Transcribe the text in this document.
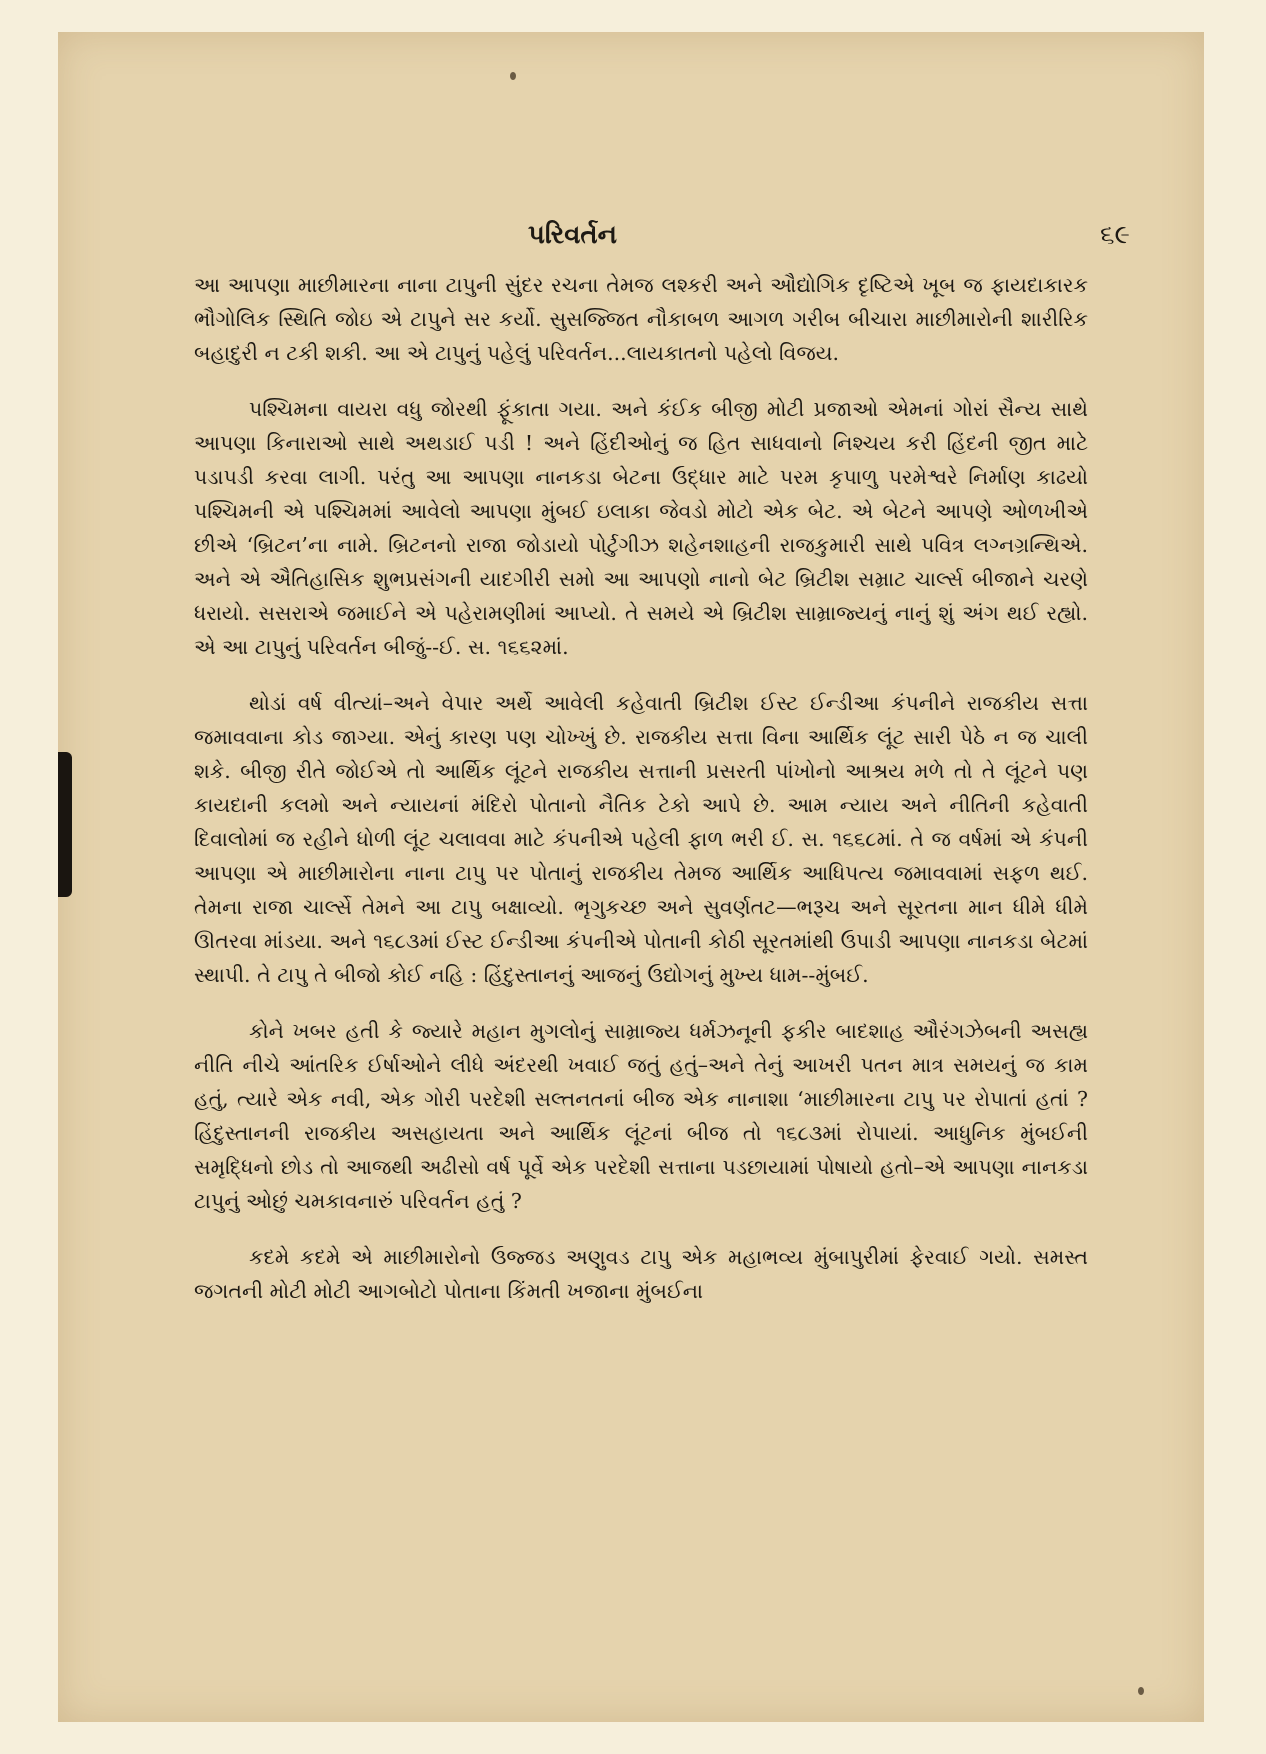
પરિવર્તન	૬૯

આ આપણા માછીમારના નાના ટાપુની સુંદર રચના તેમજ લશ્કરી અને ઔદ્યોગિક દૃષ્ટિએ ખૂબ જ ફાયદાકારક ભૌગોલિક સ્થિતિ જોઇ એ ટાપુને સર કર્યો. સુસજ્જિત નૌકાબળ આગળ ગરીબ બીચારા માછીમારોની શારીરિક બહાદુરી ન ટકી શકી. આ એ ટાપુનું પહેલું પરિવર્તન...લાયકાતનો પહેલો વિજય.

પશ્ચિમના વાયરા વધુ જોરથી ફૂંકાતા ગયા. અને કંઈક બીજી મોટી પ્રજાઓ એમનાં ગોરાં સૈન્ય સાથે આપણા કિનારાઓ સાથે અથડાઈ પડી ! અને હિંદીઓનું જ હિત સાધવાનો નિશ્ચય કરી હિંદની જીત માટે પડાપડી કરવા લાગી. પરંતુ આ આપણા નાનકડા બેટના ઉદ્ધાર માટે પરમ કૃપાળુ પરમેશ્વરે નિર્માણ કાઢયો પશ્ચિમની એ પશ્ચિમમાં આવેલો આપણા મુંબઈ ઇલાકા જેવડો મોટો એક બેટ. એ બેટને આપણે ઓળખીએ છીએ ‘બ્રિટન’ના નામે. બ્રિટનનો રાજા જોડાયો પોર્ટુગીઝ શહેનશાહની રાજકુમારી સાથે પવિત્ર લગ્નગ્રન્થિએ. અને એ ઐતિહાસિક શુભપ્રસંગની યાદગીરી સમો આ આપણો નાનો બેટ બ્રિટીશ સમ્રાટ ચાર્લ્સ બીજાને ચરણે ધરાયો. સસરાએ જમાઈને એ પહેરામણીમાં આપ્યો. તે સમયે એ બ્રિટીશ સામ્રાજ્યનું નાનું શું અંગ થઈ રહ્યો. એ આ ટાપુનું પરિવર્તન બીજું--ઈ. સ. ૧૬૬૨માં.

થોડાં વર્ષ વીત્યાં–અને વેપાર અર્થે આવેલી કહેવાતી બ્રિટીશ ઈસ્ટ ઈન્ડીઆ કંપનીને રાજકીય સત્તા જમાવવાના કોડ જાગ્યા. એનું કારણ પણ ચોખ્ખું છે. રાજકીય સત્તા વિના આર્થિક લૂંટ સારી પેઠે ન જ ચાલી શકે. બીજી રીતે જોઈએ તો આર્થિક લૂંટને રાજકીય સત્તાની પ્રસરતી પાંખોનો આશ્રય મળે તો તે લૂંટને પણ કાયદાની કલમો અને ન્યાયનાં મંદિરો પોતાનો નૈતિક ટેકો આપે છે. આમ ન્યાય અને નીતિની કહેવાતી દિવાલોમાં જ રહીને ધોળી લૂંટ ચલાવવા માટે કંપનીએ પહેલી ફાળ ભરી ઈ. સ. ૧૬૬૮માં. તે જ વર્ષમાં એ કંપની આપણા એ માછીમારોના નાના ટાપુ પર પોતાનું રાજકીય તેમજ આર્થિક આધિપત્ય જમાવવામાં સફળ થઈ. તેમના રાજા ચાર્લ્સે તેમને આ ટાપુ બક્ષાવ્યો. ભૃગુકચ્છ અને સુવર્ણતટ—ભરૂચ અને સૂરતના માન ધીમે ધીમે ઊતરવા માંડયા. અને ૧૬૮૩માં ઈસ્ટ ઈન્ડીઆ કંપનીએ પોતાની કોઠી સૂરતમાંથી ઉપાડી આપણા નાનકડા બેટમાં સ્થાપી. તે ટાપુ તે બીજો કોઈ નહિ : હિંદુસ્તાનનું આજનું ઉદ્યોગનું મુખ્ય ધામ--મુંબઈ.

કોને ખબર હતી કે જ્યારે મહાન મુગલોનું સામ્રાજ્ય ધર્મઝનૂની ફકીર બાદશાહ ઔરંગઝેબની અસહ્ય નીતિ નીચે આંતરિક ઈર્ષાઓને લીધે અંદરથી ખવાઈ જતું હતું–અને તેનું આખરી પતન માત્ર સમયનું જ કામ હતું, ત્યારે એક નવી, એક ગોરી પરદેશી સલ્તનતનાં બીજ એક નાનાશા ‘માછીમારના ટાપુ પર રોપાતાં હતાં ? હિંદુસ્તાનની રાજકીય અસહાયતા અને આર્થિક લૂંટનાં બીજ તો ૧૬૮૩માં રોપાયાં. આધુનિક મુંબઈની સમૃદ્ધિનો છોડ તો આજથી અઢીસો વર્ષ પૂર્વે એક પરદેશી સત્તાના પડછાયામાં પોષાયો હતો–એ આપણા નાનકડા ટાપુનું ઓછું ચમકાવનારું પરિવર્તન હતું ?

કદમે કદમે એ માછીમારોનો ઉજ્જડ અણુવડ ટાપુ એક મહાભવ્ય મુંબાપુરીમાં ફેરવાઈ ગયો. સમસ્ત જગતની મોટી મોટી આગબોટો પોતાના કિંમતી ખજાના મુંબઈના
